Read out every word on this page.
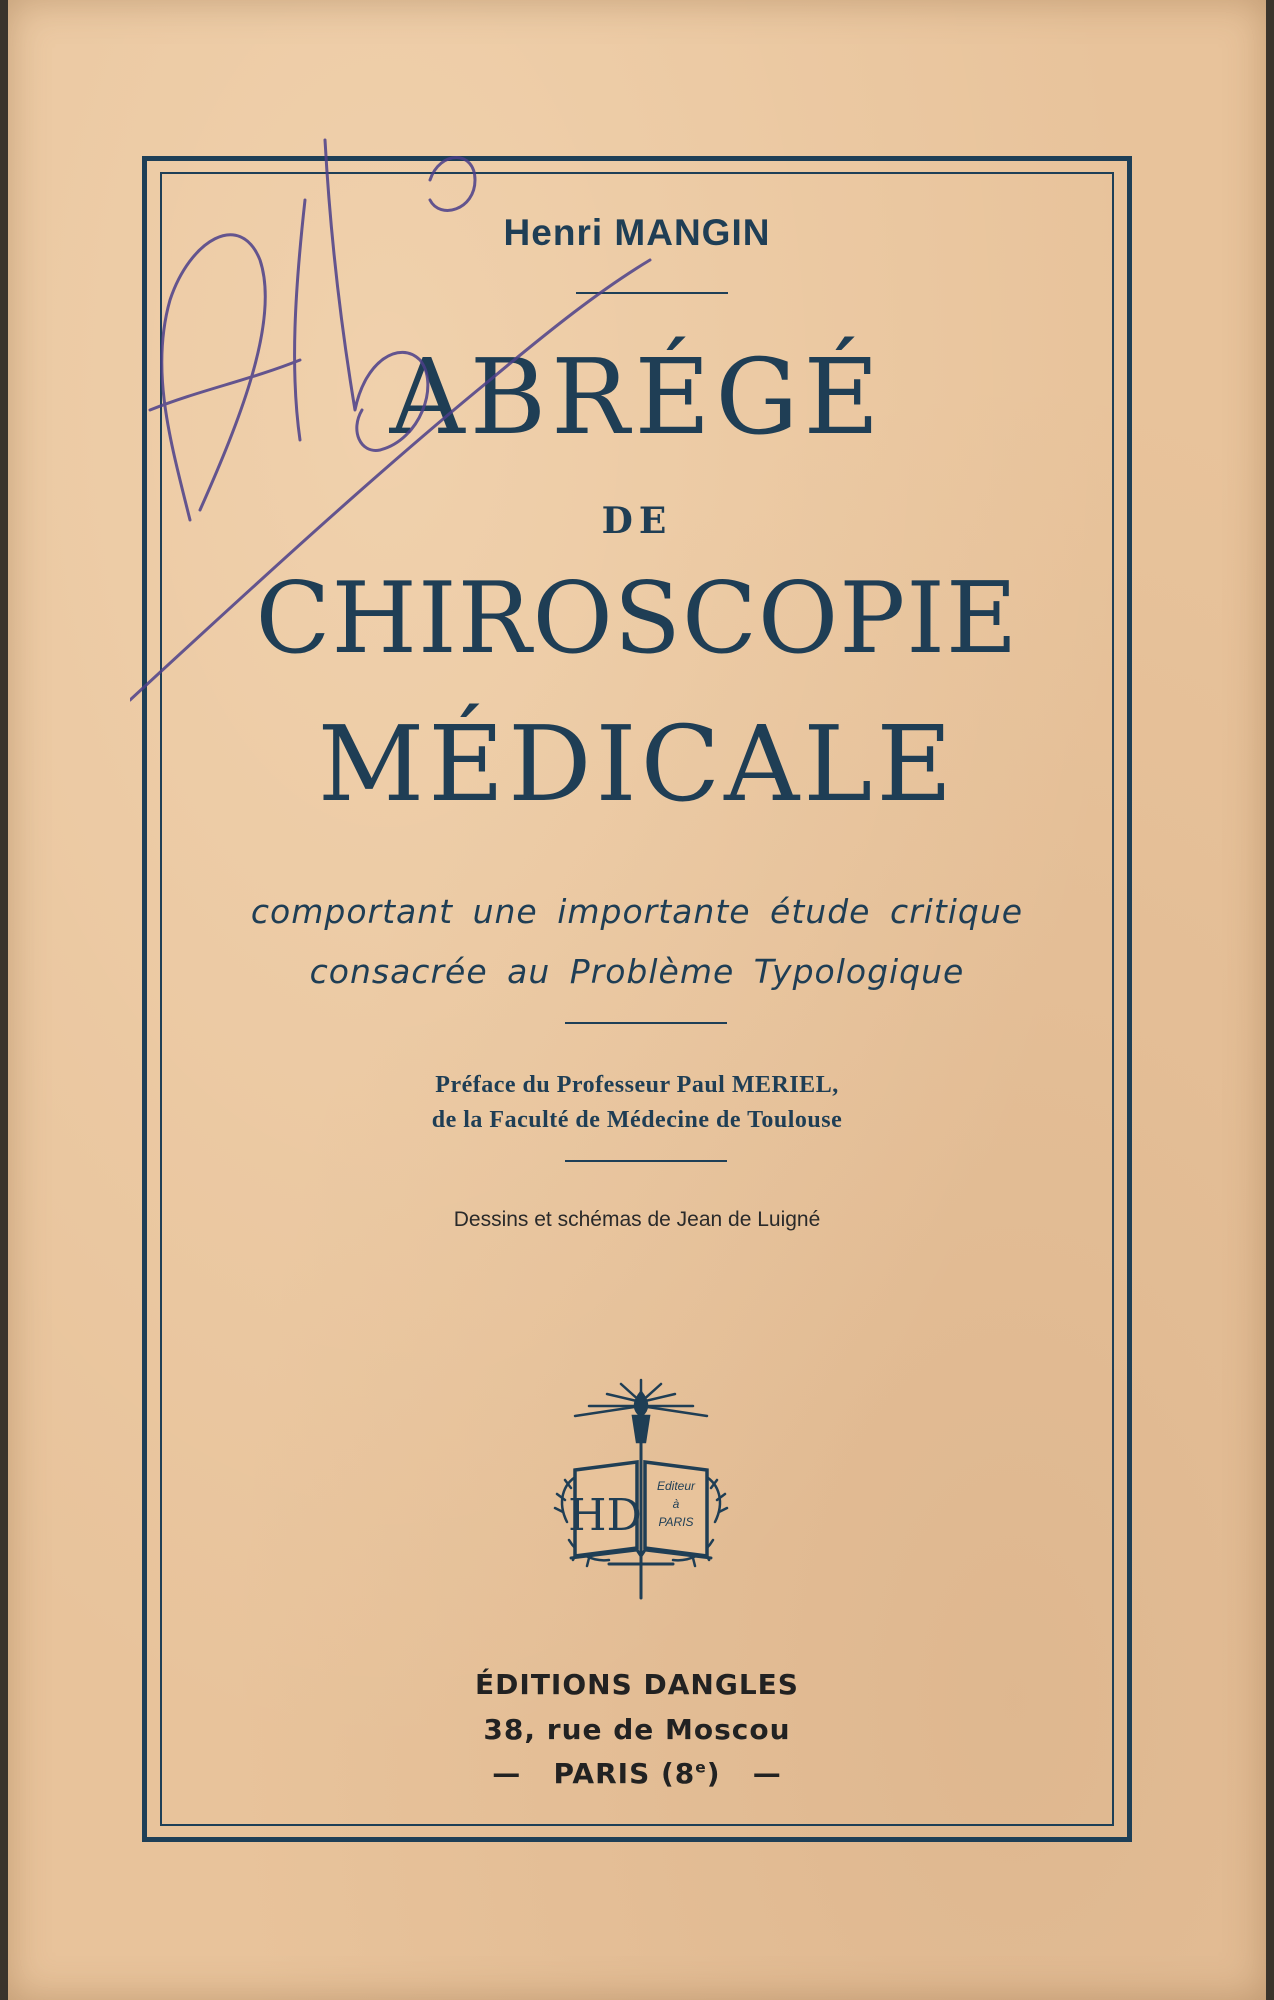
Henri MANGIN
ABRÉGÉ
DE
CHIROSCOPIE
MÉDICALE
comportant une importante étude critique
consacrée au Problème Typologique
Préface du Professeur Paul MERIEL,
de la Faculté de Médecine de Toulouse
Dessins et schémas de Jean de Luigné
HD
Editeur
à
PARIS
ÉDITIONS DANGLES
38, rue de Moscou
—   PARIS (8e)   —
